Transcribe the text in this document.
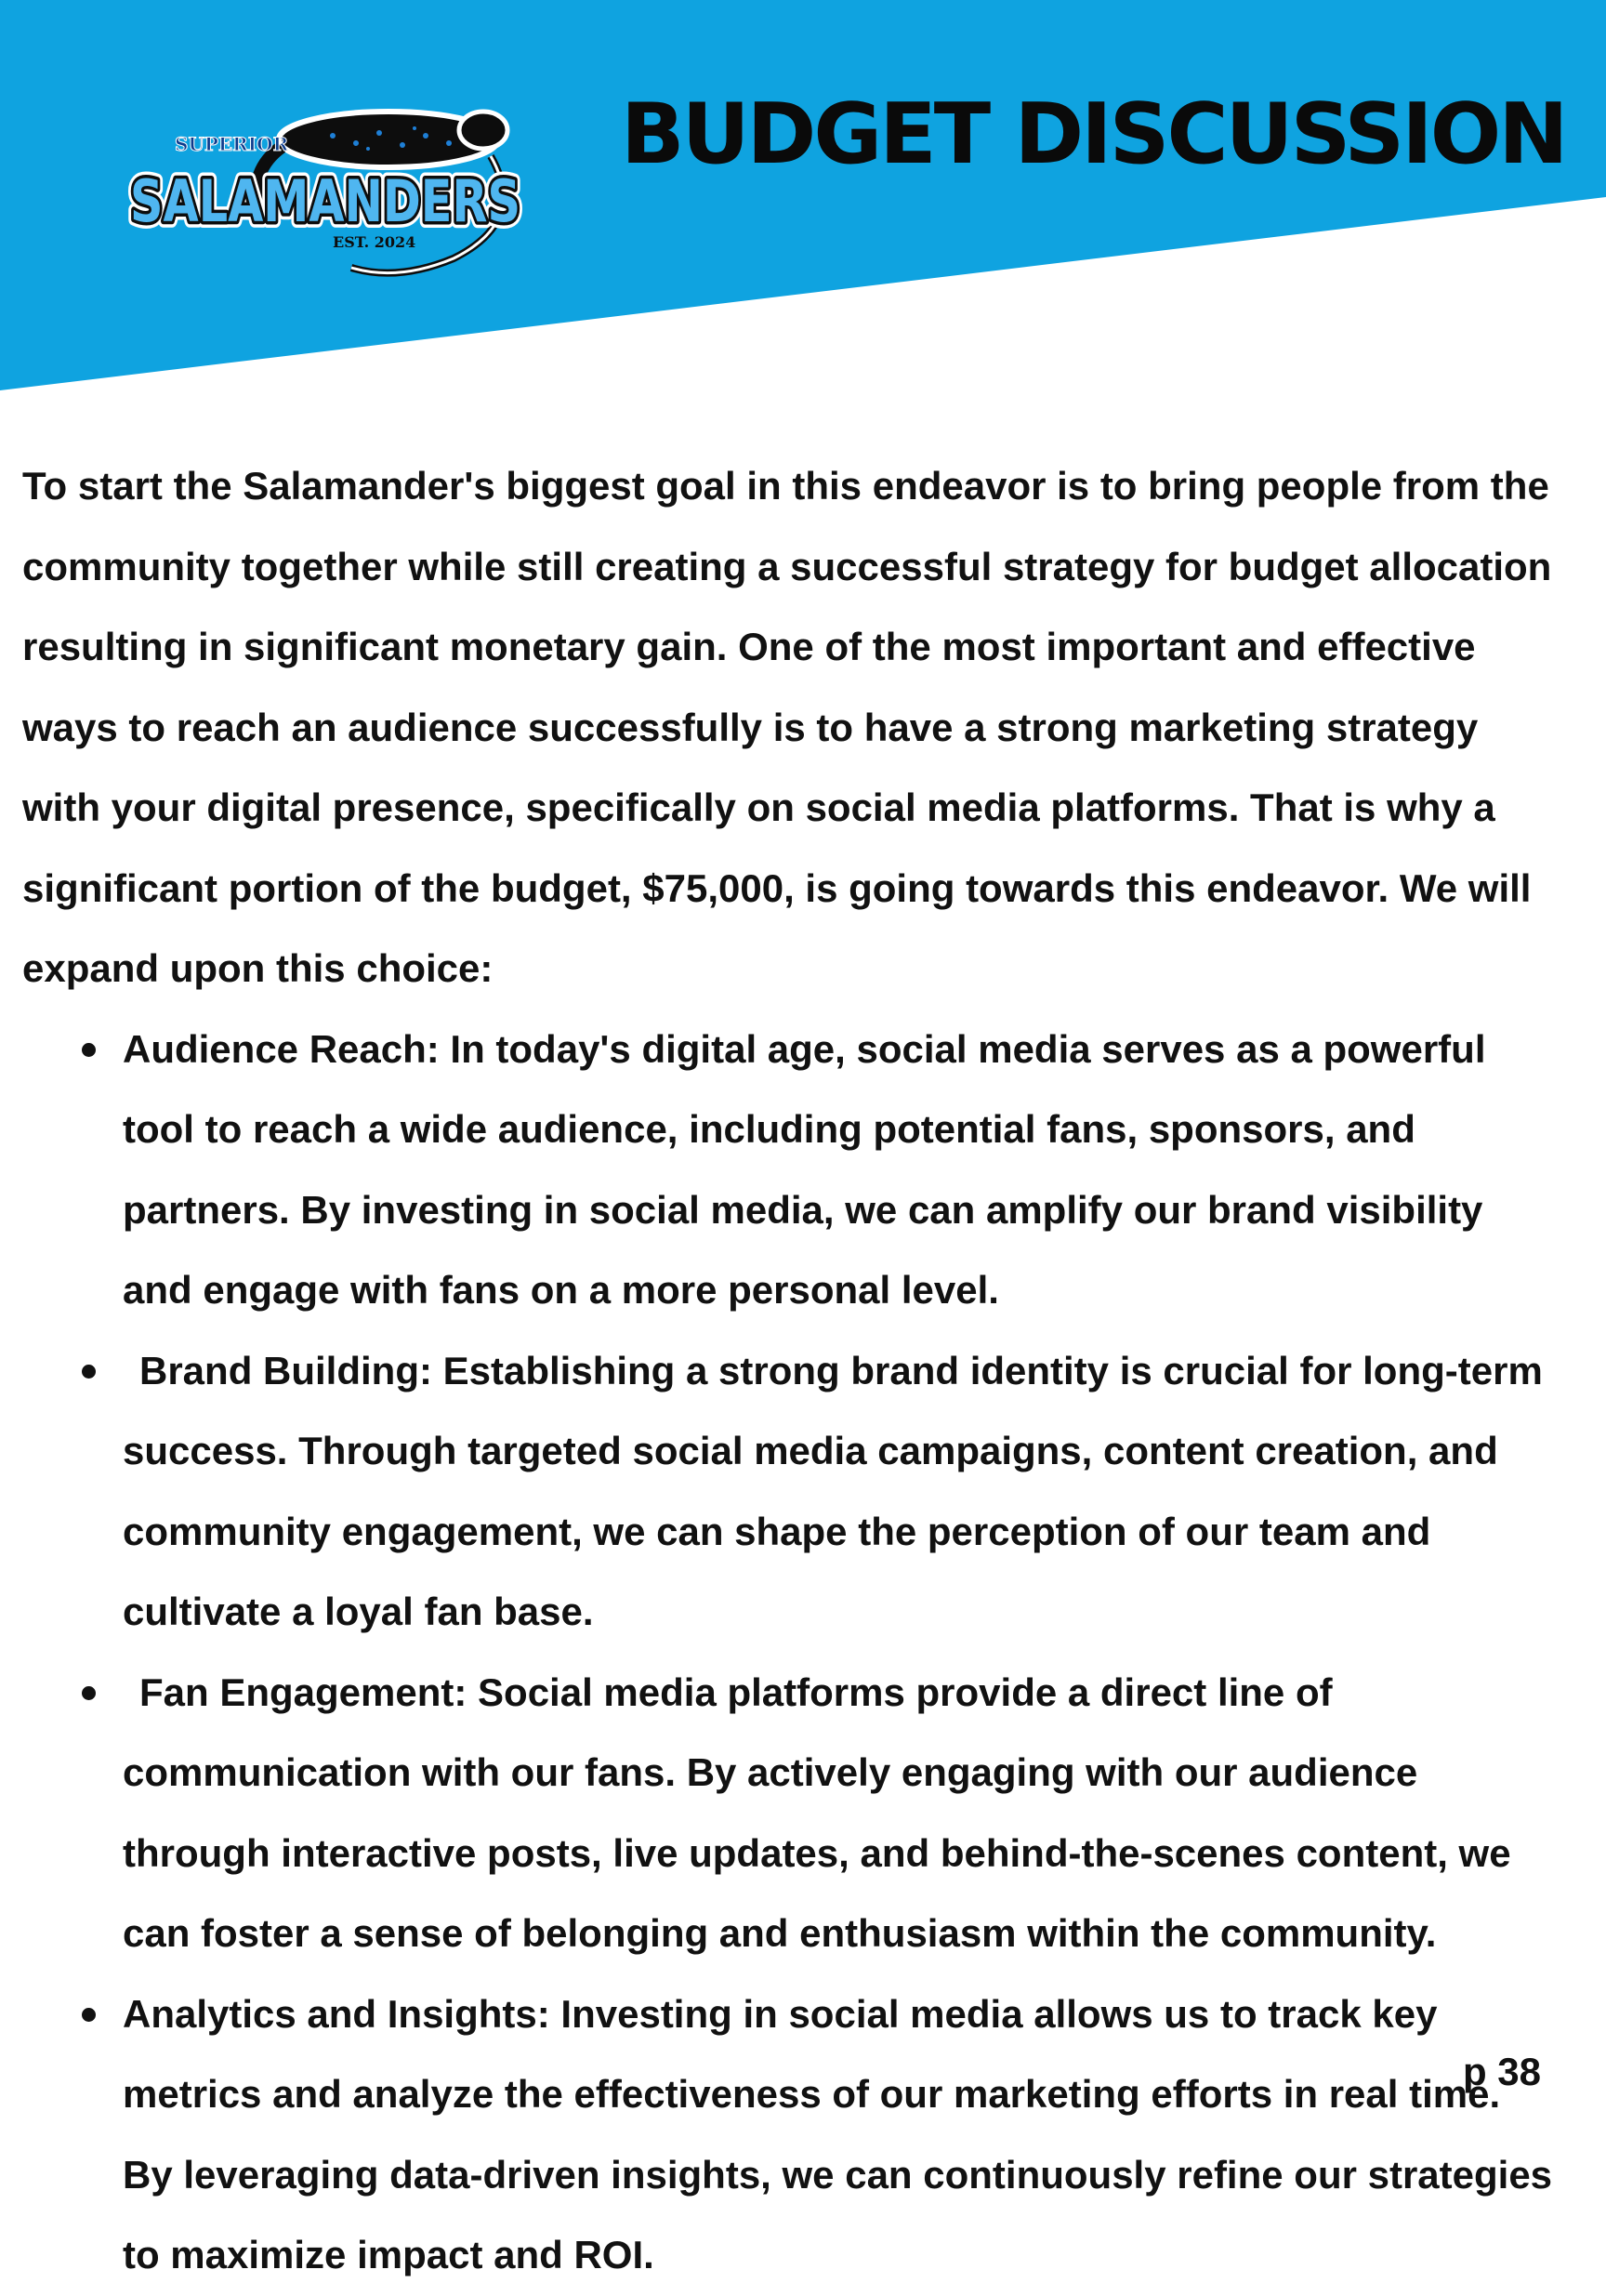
SUPERIOR
SALAMANDERS
SALAMANDERS
SALAMANDERS
EST. 2024
BUDGET DISCUSSION

To start the Salamander's biggest goal in this endeavor is to bring people from the community together while still creating a successful strategy for budget allocation resulting in significant monetary gain. One of the most important and effective ways to reach an audience successfully is to have a strong marketing strategy with your digital presence, specifically on social media platforms. That is why a significant portion of the budget, $75,000, is going towards this endeavor. We will expand upon this choice:

Audience Reach: In today's digital age, social media serves as a powerful tool to reach a wide audience, including potential fans, sponsors, and partners. By investing in social media, we can amplify our brand visibility and engage with fans on a more personal level.
Brand Building: Establishing a strong brand identity is crucial for long-term success. Through targeted social media campaigns, content creation, and community engagement, we can shape the perception of our team and cultivate a loyal fan base.
Fan Engagement: Social media platforms provide a direct line of communication with our fans. By actively engaging with our audience through interactive posts, live updates, and behind-the-scenes content, we can foster a sense of belonging and enthusiasm within the community.
Analytics and Insights: Investing in social media allows us to track key metrics and analyze the effectiveness of our marketing efforts in real time. By leveraging data-driven insights, we can continuously refine our strategies to maximize impact and ROI.
p 38
